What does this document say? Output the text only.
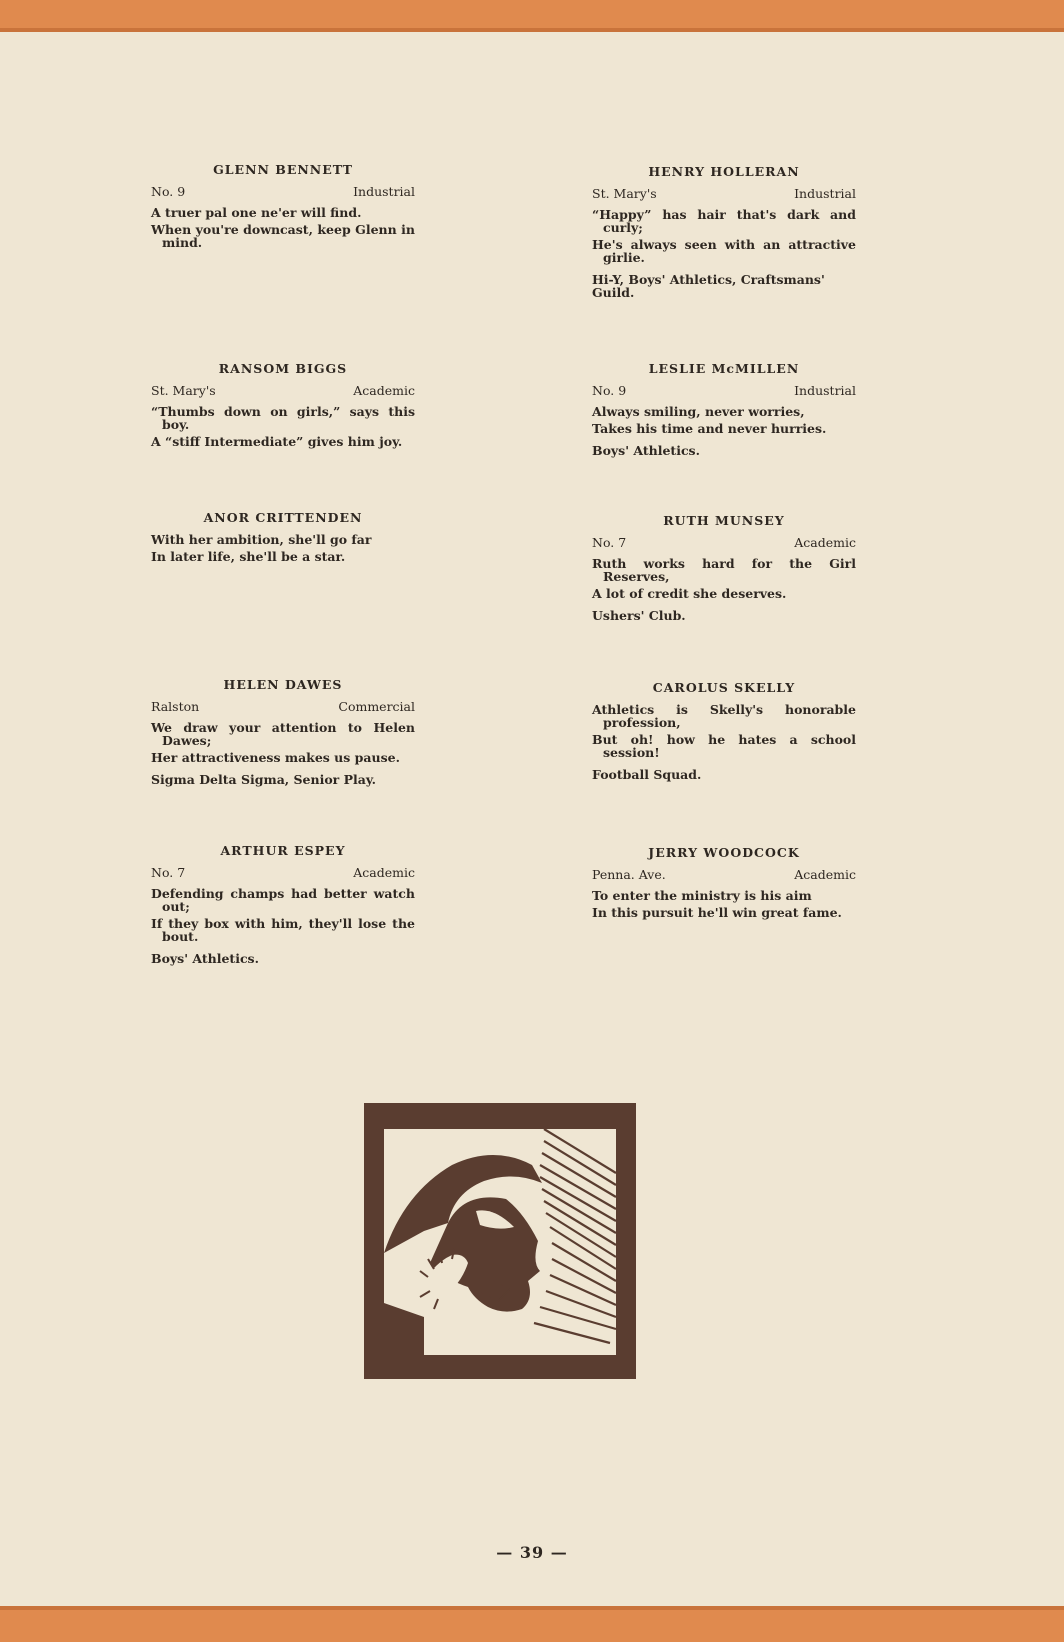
GLENN BENNETT
No. 9	Industrial

A truer pal one ne'er will find.

When you're downcast, keep Glenn in mind.

RANSOM BIGGS
St. Mary's	Academic

“Thumbs down on girls,” says this boy.

A “stiff Intermediate” gives him joy.

ANOR CRITTENDEN

With her ambition, she'll go far

In later life, she'll be a star.

HELEN DAWES
Ralston	Commercial

We draw your attention to Helen Dawes;

Her attractiveness makes us pause.

Sigma Delta Sigma, Senior Play.
ARTHUR ESPEY
No. 7	Academic

Defending champs had better watch out;

If they box with him, they'll lose the bout.

Boys' Athletics.
HENRY HOLLERAN
St. Mary's	Industrial

“Happy” has hair that's dark and curly;

He's always seen with an attractive girlie.

Hi-Y, Boys' Athletics, Craftsmans' Guild.
LESLIE McMILLEN
No. 9	Industrial

Always smiling, never worries,

Takes his time and never hurries.

Boys' Athletics.
RUTH MUNSEY
No. 7	Academic

Ruth works hard for the Girl Reserves,

A lot of credit she deserves.

Ushers' Club.
CAROLUS SKELLY

Athletics is Skelly's honorable profession,

But oh! how he hates a school session!

Football Squad.
JERRY WOODCOCK
Penna. Ave.	Academic

To enter the ministry is his aim

In this pursuit he'll win great fame.

— 39 —
